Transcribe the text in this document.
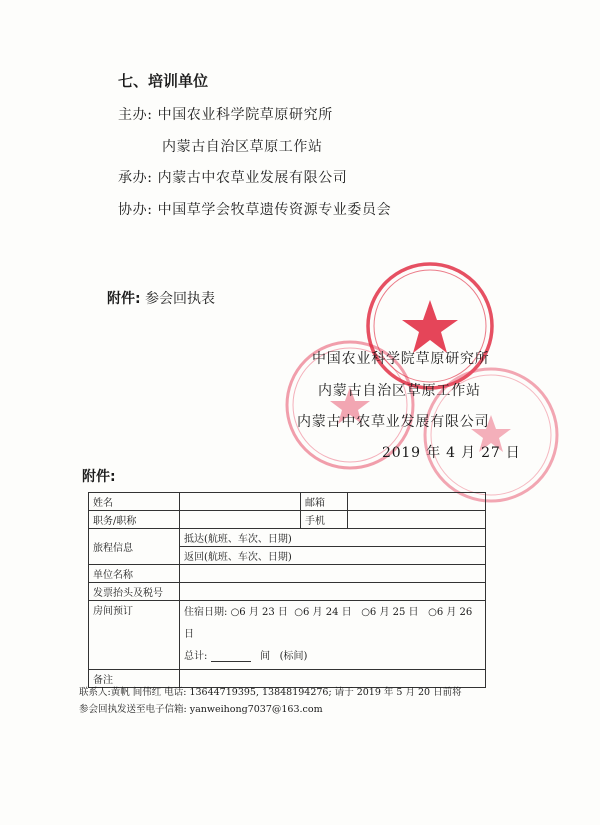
七、培训单位
主办: 中国农业科学院草原研究所
内蒙古自治区草原工作站
承办: 内蒙古中农草业发展有限公司
协办: 中国草学会牧草遗传资源专业委员会
附件: 参会回执表
中国农业科学院草原研究所
内蒙古自治区草原工作站
内蒙古中农草业发展有限公司
2019 年 4 月 27 日
附件:
姓名		邮箱	
职务/职称		手机	
旅程信息	抵达(航班、车次、日期)		
	返回(航班、车次、日期)		
单位名称			
发票抬头及税号			
房间预订	住宿日期: ○6 月 23 日 ○6 月 24 日 ○6 月 25 日 ○6 月 26 日
总计: 间 (标间)		

备注			
联系人:黄帆 间伟红 电话: 13644719395, 13848194276; 请于 2019 年 5 月 20 日前将
参会回执发送至电子信箱: yanweihong7037@163.com
